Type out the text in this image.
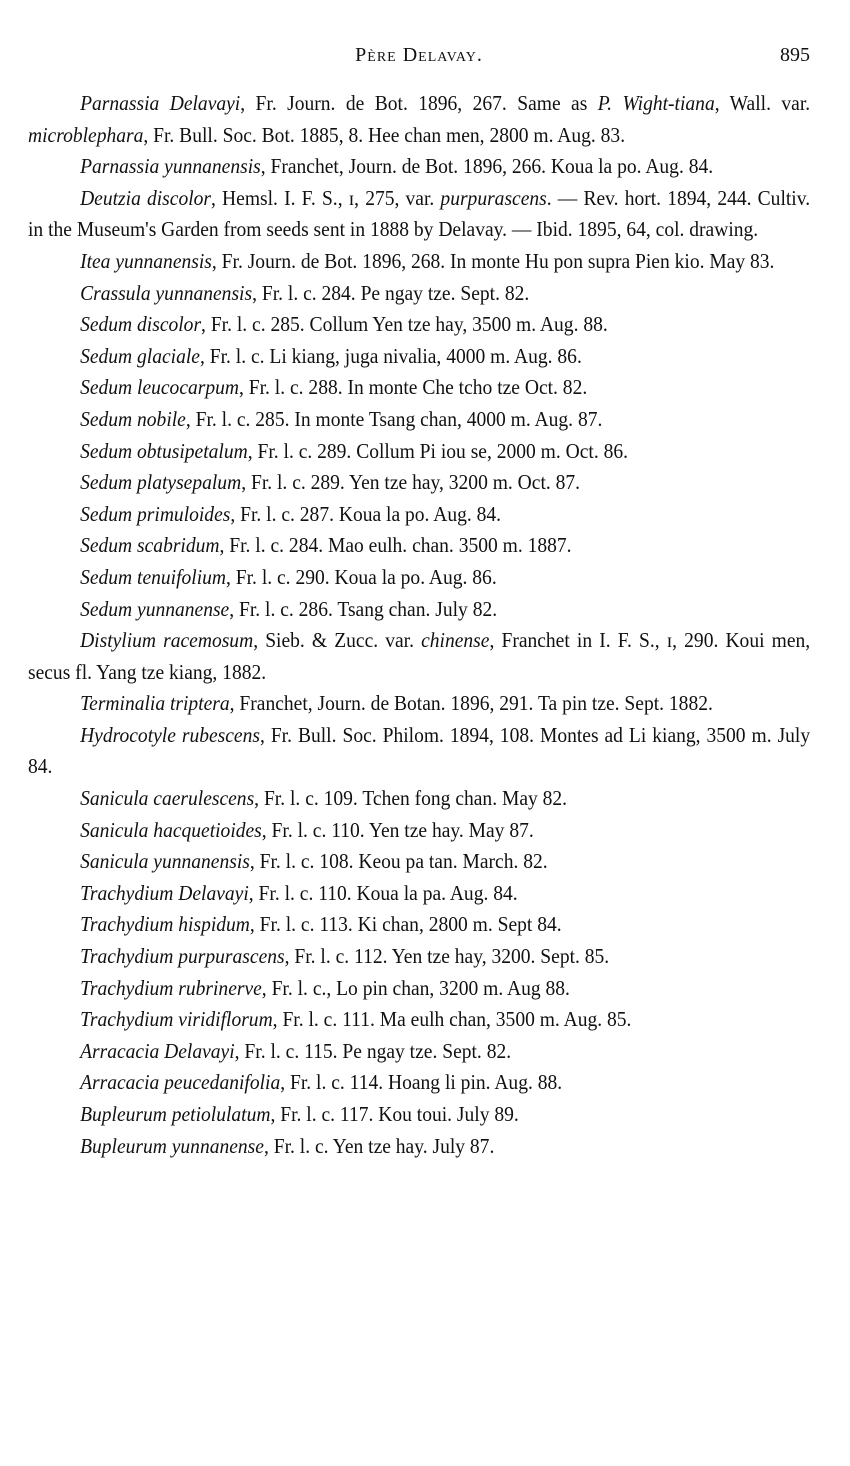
Père Delavay.	895

Parnassia Delavayi, Fr. Journ. de Bot. 1896, 267. Same as P. Wight-tiana, Wall. var. microblephara, Fr. Bull. Soc. Bot. 1885, 8. Hee chan men, 2800 m. Aug. 83.

Parnassia yunnanensis, Franchet, Journ. de Bot. 1896, 266. Koua la po. Aug. 84.

Deutzia discolor, Hemsl. I. F. S., ɪ, 275, var. purpurascens. — Rev. hort. 1894, 244. Cultiv. in the Museum's Garden from seeds sent in 1888 by Delavay. — Ibid. 1895, 64, col. drawing.

Itea yunnanensis, Fr. Journ. de Bot. 1896, 268. In monte Hu pon supra Pien kio. May 83.

Crassula yunnanensis, Fr. l. c. 284. Pe ngay tze. Sept. 82.

Sedum discolor, Fr. l. c. 285. Collum Yen tze hay, 3500 m. Aug. 88.

Sedum glaciale, Fr. l. c. Li kiang, juga nivalia, 4000 m. Aug. 86.

Sedum leucocarpum, Fr. l. c. 288. In monte Che tcho tze Oct. 82.

Sedum nobile, Fr. l. c. 285. In monte Tsang chan, 4000 m. Aug. 87.

Sedum obtusipetalum, Fr. l. c. 289. Collum Pi iou se, 2000 m. Oct. 86.

Sedum platysepalum, Fr. l. c. 289. Yen tze hay, 3200 m. Oct. 87.

Sedum primuloides, Fr. l. c. 287. Koua la po. Aug. 84.

Sedum scabridum, Fr. l. c. 284. Mao eulh. chan. 3500 m. 1887.

Sedum tenuifolium, Fr. l. c. 290. Koua la po. Aug. 86.

Sedum yunnanense, Fr. l. c. 286. Tsang chan. July 82.

Distylium racemosum, Sieb. & Zucc. var. chinense, Franchet in I. F. S., ɪ, 290. Koui men, secus fl. Yang tze kiang, 1882.

Terminalia triptera, Franchet, Journ. de Botan. 1896, 291. Ta pin tze. Sept. 1882.

Hydrocotyle rubescens, Fr. Bull. Soc. Philom. 1894, 108. Montes ad Li kiang, 3500 m. July 84.

Sanicula caerulescens, Fr. l. c. 109. Tchen fong chan. May 82.

Sanicula hacquetioides, Fr. l. c. 110. Yen tze hay. May 87.

Sanicula yunnanensis, Fr. l. c. 108. Keou pa tan. March. 82.

Trachydium Delavayi, Fr. l. c. 110. Koua la pa. Aug. 84.

Trachydium hispidum, Fr. l. c. 113. Ki chan, 2800 m. Sept 84.

Trachydium purpurascens, Fr. l. c. 112. Yen tze hay, 3200. Sept. 85.

Trachydium rubrinerve, Fr. l. c., Lo pin chan, 3200 m. Aug 88.

Trachydium viridiflorum, Fr. l. c. 111. Ma eulh chan, 3500 m. Aug. 85.

Arracacia Delavayi, Fr. l. c. 115. Pe ngay tze. Sept. 82.

Arracacia peucedanifolia, Fr. l. c. 114. Hoang li pin. Aug. 88.

Bupleurum petiolulatum, Fr. l. c. 117. Kou toui. July 89.

Bupleurum yunnanense, Fr. l. c. Yen tze hay. July 87.
